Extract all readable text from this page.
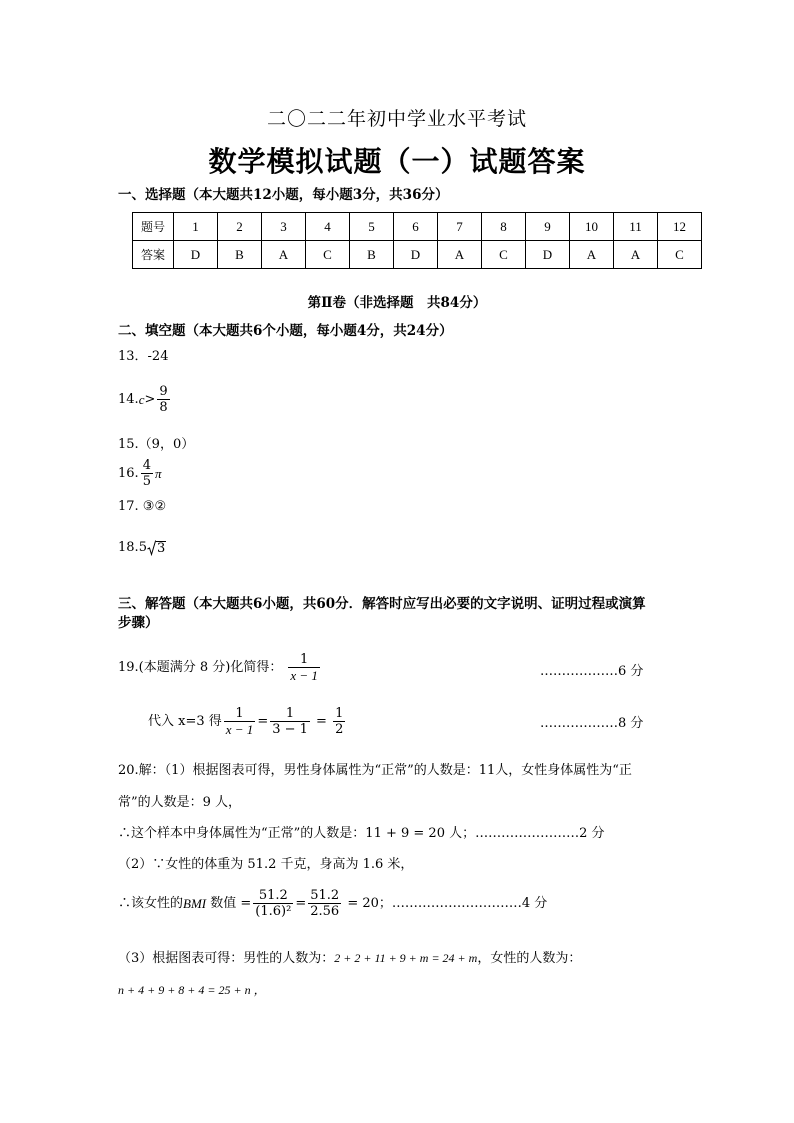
二〇二二年初中学业水平考试
数学模拟试题（一）试题答案
一、选择题（本大题共12小题，每小题3分，共36分）
题号	1	2	3	4	5	6	7	8	9	10	11	12
答案	D	B	A	C	B	D	A	C	D	A	A	C
第Ⅱ卷（非选择题　共84分）
二、填空题（本大题共6个小题，每小题4分，共24分）
13．-24
14. $c > \frac{9}{8}$
15.（9，0）
16. $\frac{4}{5}$ π
17. ③②
18. 5 3
三、解答题（本大题共6小题，共60分．解答时应写出必要的文字说明、证明过程或演算
步骤）
19.(本题满分 8 分)化简得： $\frac{1}{x - 1}$	………………6 分
代入 x=3 得 $\frac{1}{x - 1} = \frac{1}{3 - 1} = \frac{1}{2}$	………………8 分
20.解：（1）根据图表可得，男性身体属性为“正常”的人数是：11人，女性身体属性为“正
常”的人数是：9 人，
∴这个样本中身体属性为“正常”的人数是：11 + 9 = 20 人；……………………2 分
（2）∵女性的体重为 51.2 千克，身高为 1.6 米，
∴该女性的 BMI 数值 = $\frac{51.2}{\text{(1.6)²}} = \frac{51.2}{2.56} = 20$； …………………………4 分
（3）根据图表可得：男性的人数为：2 + 2 + 11 + 9 + m = 24 + m，女性的人数为：
n + 4 + 9 + 8 + 4 = 25 + n ，
